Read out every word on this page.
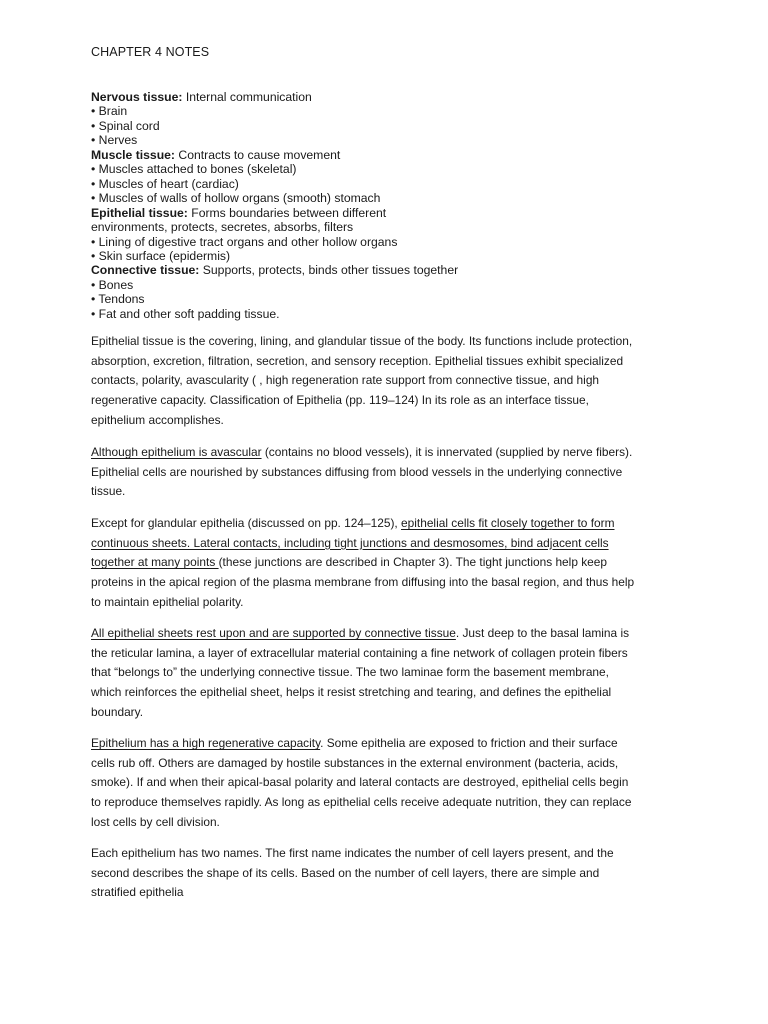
CHAPTER 4 NOTES
Nervous tissue: Internal communication
• Brain
• Spinal cord
• Nerves
Muscle tissue: Contracts to cause movement
• Muscles attached to bones (skeletal)
• Muscles of heart (cardiac)
• Muscles of walls of hollow organs (smooth) stomach
Epithelial tissue: Forms boundaries between different
environments, protects, secretes, absorbs, filters
• Lining of digestive tract organs and other hollow organs
• Skin surface (epidermis)
Connective tissue: Supports, protects, binds other tissues together
• Bones
• Tendons
• Fat and other soft padding tissue.
Epithelial tissue is the covering, lining, and glandular tissue of the body. Its functions include protection,
absorption, excretion, filtration, secretion, and sensory reception. Epithelial tissues exhibit specialized
contacts, polarity, avascularity ( , high regeneration rate support from connective tissue, and high
regenerative capacity. Classification of Epithelia (pp. 119–124) In its role as an interface tissue,
epithelium accomplishes.
Although epithelium is avascular (contains no blood vessels), it is innervated (supplied by nerve fibers).
Epithelial cells are nourished by substances diffusing from blood vessels in the underlying connective
tissue.
Except for glandular epithelia (discussed on pp. 124–125), epithelial cells fit closely together to form
continuous sheets. Lateral contacts, including tight junctions and desmosomes, bind adjacent cells
together at many points (these junctions are described in Chapter 3). The tight junctions help keep
proteins in the apical region of the plasma membrane from diffusing into the basal region, and thus help
to maintain epithelial polarity.
All epithelial sheets rest upon and are supported by connective tissue. Just deep to the basal lamina is
the reticular lamina, a layer of extracellular material containing a fine network of collagen protein fibers
that “belongs to” the underlying connective tissue. The two laminae form the basement membrane,
which reinforces the epithelial sheet, helps it resist stretching and tearing, and defines the epithelial
boundary.
Epithelium has a high regenerative capacity. Some epithelia are exposed to friction and their surface
cells rub off. Others are damaged by hostile substances in the external environment (bacteria, acids,
smoke). If and when their apical-basal polarity and lateral contacts are destroyed, epithelial cells begin
to reproduce themselves rapidly. As long as epithelial cells receive adequate nutrition, they can replace
lost cells by cell division.
Each epithelium has two names. The first name indicates the number of cell layers present, and the
second describes the shape of its cells. Based on the number of cell layers, there are simple and
stratified epithelia
